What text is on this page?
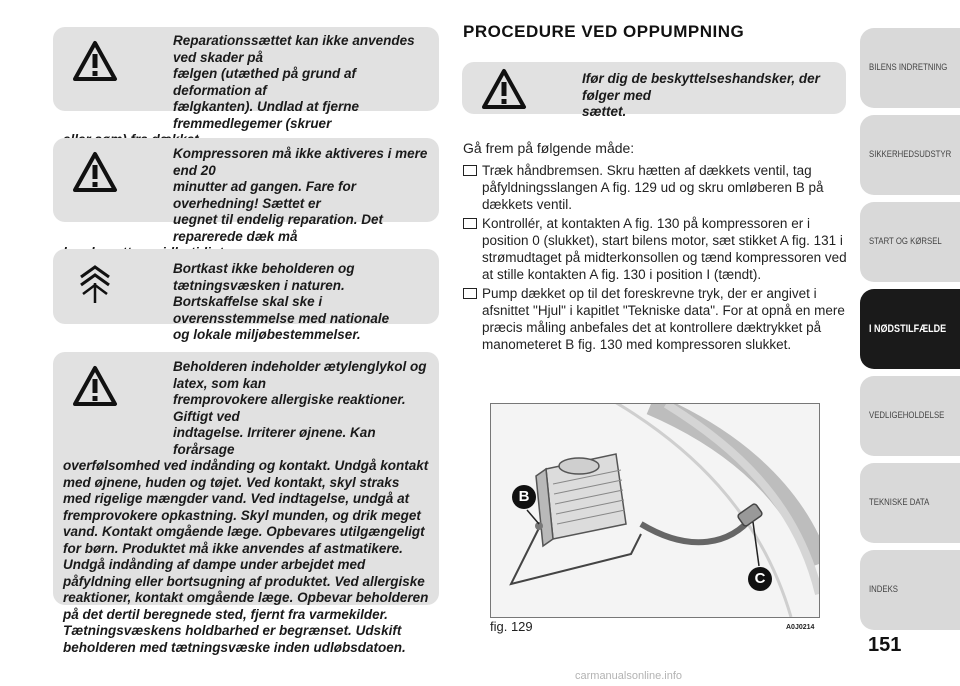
Reparationssættet kan ikke anvendes ved skader på

fælgen (utæthed på grund af deformation af

fælgkanten). Undlad at fjerne fremmedlegemer (skruer

Kompressoren må ikke aktiveres i mere end 20

minutter ad gangen. Fare for overhedning! Sættet er

uegnet til endelig reparation. Det reparerede dæk må

Bortkast ikke beholderen og tætningsvæsken i naturen.

Bortskaffelse skal ske i overensstemmelse med nationale

og lokale miljøbestemmelser.

Beholderen indeholder ætylenglykol og latex, som kan

fremprovokere allergiske reaktioner. Giftigt ved

indtagelse. Irriterer øjnene. Kan forårsage

overfølsomhed ved indånding og kontakt. Undgå kontakt med øjnene, huden og tøjet. Ved kontakt, skyl straks med rigelige mængder vand. Ved indtagelse, undgå at fremprovokere opkastning. Skyl munden, og drik meget vand. Kontakt omgående læge. Opbevares utilgængeligt for børn. Produktet må ikke anvendes af astmatikere. Undgå indånding af dampe under arbejdet med påfyldning eller bortsugning af produktet. Ved allergiske reaktioner, kontakt omgående læge. Opbevar beholderen på det dertil beregnede sted, fjernt fra varmekilder. Tætningsvæskens holdbarhed er begrænset. Udskift beholderen med tætningsvæske inden udløbsdatoen.

PROCEDURE VED OPPUMPNING

Ifør dig de beskyttelseshandsker, der følger med

sættet.

Gå frem på følgende måde:
Træk håndbremsen. Skru hætten af dækkets ventil, tag påfyldningsslangen A fig. 129 ud og skru omløberen B på dækkets ventil.
Kontrollér, at kontakten A fig. 130 på kompressoren er i position 0 (slukket), start bilens motor, sæt stikket A fig. 131 i strømudtaget på midterkonsollen og tænd kompressoren ved at stille kontakten A fig. 130 i position I (tændt).
Pump dækket op til det foreskrevne tryk, der er angivet i afsnittet "Hjul" i kapitlet "Tekniske data". For at opnå en mere præcis måling anbefales det at kontrollere dæktrykket på manometeret B fig. 130 med kompressoren slukket.
B
C
fig. 129	A0J0214
BILENS INDRETNING
SIKKERHEDSUDSTYR
START OG KØRSEL
I NØDSTILFÆLDE
VEDLIGEHOLDELSE
TEKNISKE DATA
INDEKS
151
carmanualsonline.info
